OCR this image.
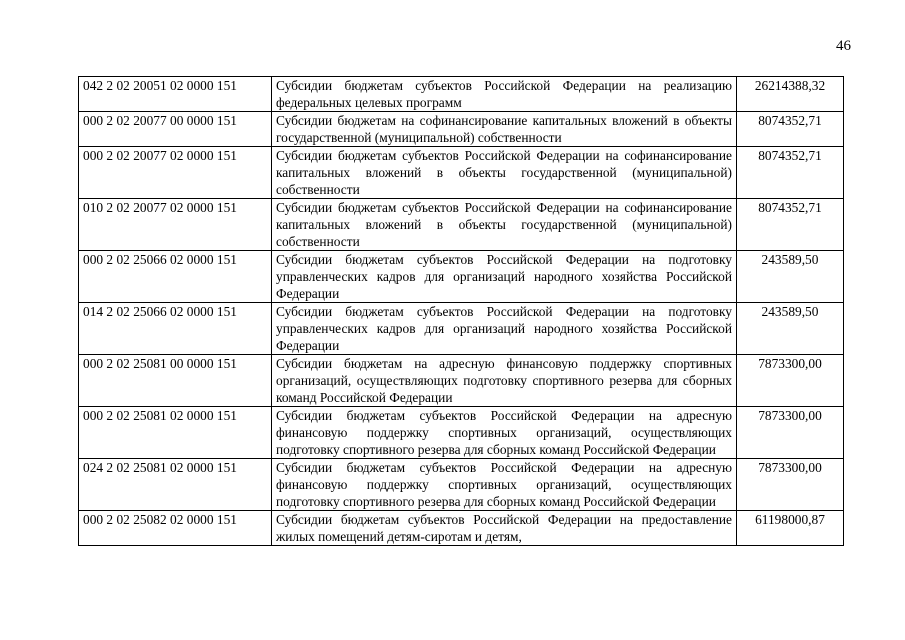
46
042 2 02 20051 02 0000 151	Субсидии бюджетам субъектов Российской Федерации на реализацию федеральных целевых программ	26214388,32
000 2 02 20077 00 0000 151	Субсидии бюджетам на софинансирование капитальных вложений в объекты государственной (муниципальной) собственности	8074352,71
000 2 02 20077 02 0000 151	Субсидии бюджетам субъектов Российской Федерации на софинансирование капитальных вложений в объекты государственной (муниципальной) собственности	8074352,71
010 2 02 20077 02 0000 151	Субсидии бюджетам субъектов Российской Федерации на софинансирование капитальных вложений в объекты государственной (муниципальной) собственности	8074352,71
000 2 02 25066 02 0000 151	Субсидии бюджетам субъектов Российской Федерации на подготовку управленческих кадров для организаций народного хозяйства Российской Федерации	243589,50
014 2 02 25066 02 0000 151	Субсидии бюджетам субъектов Российской Федерации на подготовку управленческих кадров для организаций народного хозяйства Российской Федерации	243589,50
000 2 02 25081 00 0000 151	Субсидии бюджетам на адресную финансовую поддержку спортивных организаций, осуществляющих подготовку спортивного резерва для сборных команд Российской Федерации	7873300,00
000 2 02 25081 02 0000 151	Субсидии бюджетам субъектов Российской Федерации на адресную финансовую поддержку спортивных организаций, осуществляющих подготовку спортивного резерва для сборных команд Российской Федерации	7873300,00
024 2 02 25081 02 0000 151	Субсидии бюджетам субъектов Российской Федерации на адресную финансовую поддержку спортивных организаций, осуществляющих подготовку спортивного резерва для сборных команд Российской Федерации	7873300,00
000 2 02 25082 02 0000 151	Субсидии бюджетам субъектов Российской Федерации на предоставление жилых помещений детям-сиротам и детям,	61198000,87
